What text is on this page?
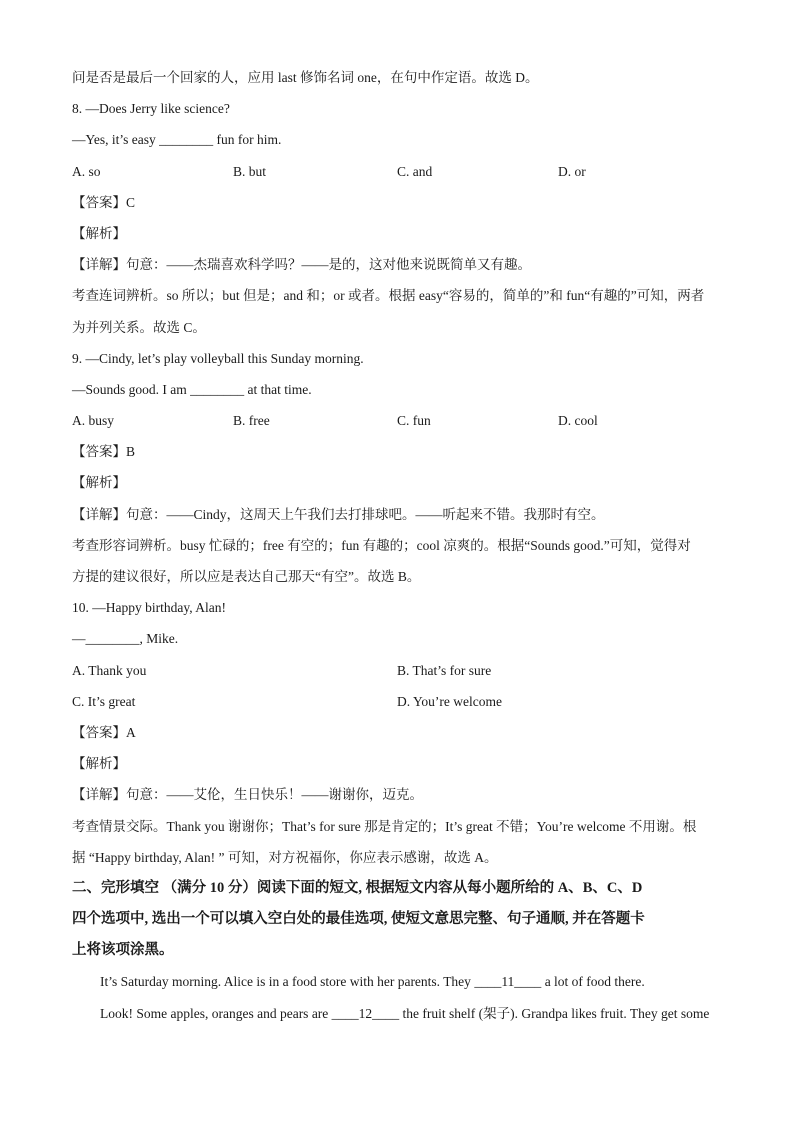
问是否是最后一个回家的人，应用 last 修饰名词 one，在句中作定语。故选 D。
8. —Does Jerry like science?
—Yes, it’s easy ________ fun for him.
A. so	B. but	C. and	D. or
【答案】C
【解析】
【详解】句意：——杰瑞喜欢科学吗？——是的，这对他来说既简单又有趣。
考查连词辨析。so 所以；but 但是；and 和；or 或者。根据 easy“容易的，简单的”和 fun“有趣的”可知，两者
为并列关系。故选 C。
9. —Cindy, let’s play volleyball this Sunday morning.
—Sounds good. I am ________ at that time.
A. busy	B. free	C. fun	D. cool
【答案】B
【解析】
【详解】句意：——Cindy，这周天上午我们去打排球吧。——听起来不错。我那时有空。
考查形容词辨析。busy 忙碌的；free 有空的；fun 有趣的；cool 凉爽的。根据“Sounds good.”可知，觉得对
方提的建议很好，所以应是表达自己那天“有空”。故选 B。
10. —Happy birthday, Alan!
—________, Mike.
A. Thank you	B. That’s for sure
C. It’s great	D. You’re welcome
【答案】A
【解析】
【详解】句意：——艾伦，生日快乐！——谢谢你，迈克。
考查情景交际。Thank you 谢谢你；That’s for sure 那是肯定的；It’s great 不错；You’re welcome 不用谢。根
据 “Happy birthday, Alan! ” 可知，对方祝福你，你应表示感谢，故选 A。
二、完形填空 （满分 10 分）阅读下面的短文, 根据短文内容从每小题所给的 A、B、C、D
四个选项中, 选出一个可以填入空白处的最佳选项, 使短文意思完整、句子通顺, 并在答题卡
上将该项涂黑。
It’s Saturday morning. Alice is in a food store with her parents. They ____11____ a lot of food there.
Look! Some apples, oranges and pears are ____12____ the fruit shelf (架子). Grandpa likes fruit. They get some
